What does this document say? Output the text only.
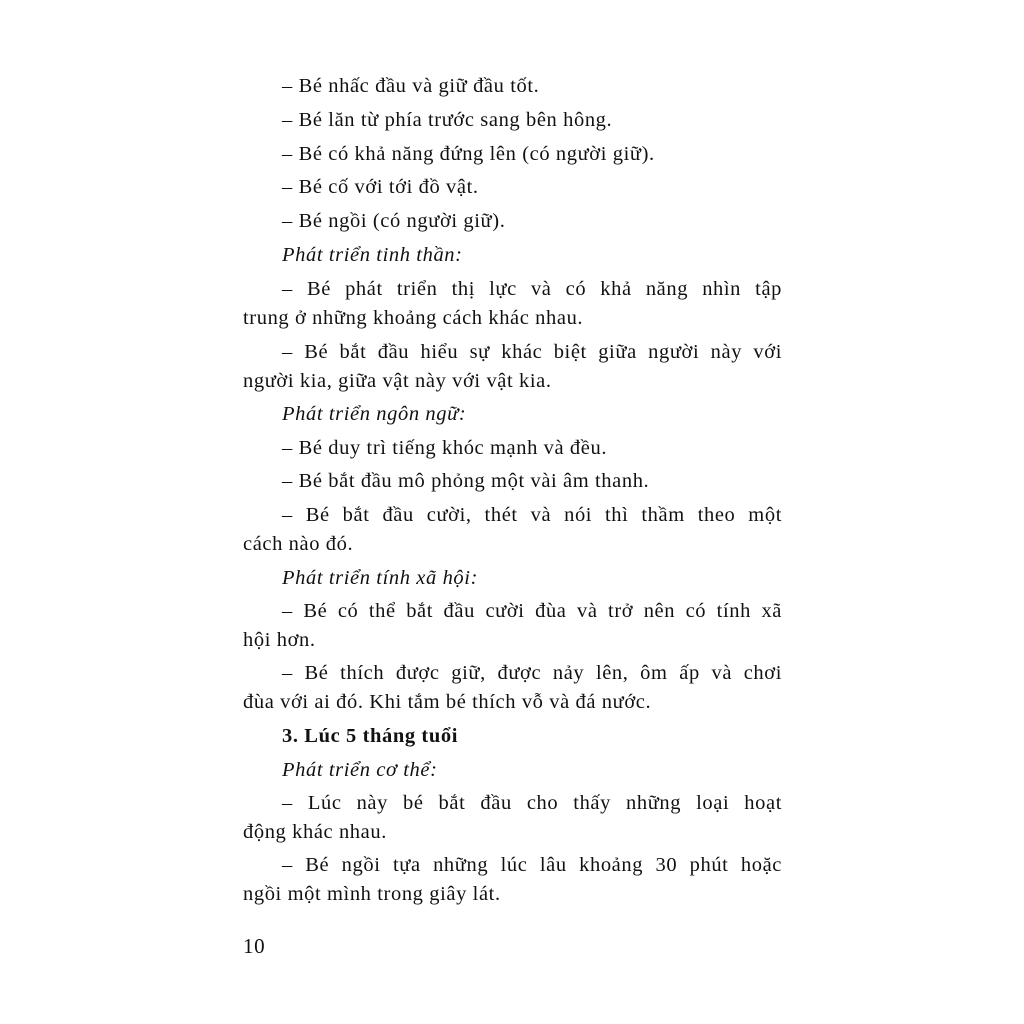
– Bé nhấc đầu và giữ đầu tốt.
– Bé lăn từ phía trước sang bên hông.
– Bé có khả năng đứng lên (có người giữ).
– Bé cố với tới đồ vật.
– Bé ngồi (có người giữ).
Phát triển tinh thần:
– Bé phát triển thị lực và có khả năng nhìn tập
trung ở những khoảng cách khác nhau.
– Bé bắt đầu hiểu sự khác biệt giữa người này với
người kia, giữa vật này với vật kia.
Phát triển ngôn ngữ:
– Bé duy trì tiếng khóc mạnh và đều.
– Bé bắt đầu mô phỏng một vài âm thanh.
– Bé bắt đầu cười, thét và nói thì thầm theo một
cách nào đó.
Phát triển tính xã hội:
– Bé có thể bắt đầu cười đùa và trở nên có tính xã
hội hơn.
– Bé thích được giữ, được nảy lên, ôm ấp và chơi
đùa với ai đó. Khi tắm bé thích vỗ và đá nước.
3. Lúc 5 tháng tuổi
Phát triển cơ thể:
– Lúc này bé bắt đầu cho thấy những loại hoạt
động khác nhau.
– Bé ngồi tựa những lúc lâu khoảng 30 phút hoặc
ngồi một mình trong giây lát.
10
